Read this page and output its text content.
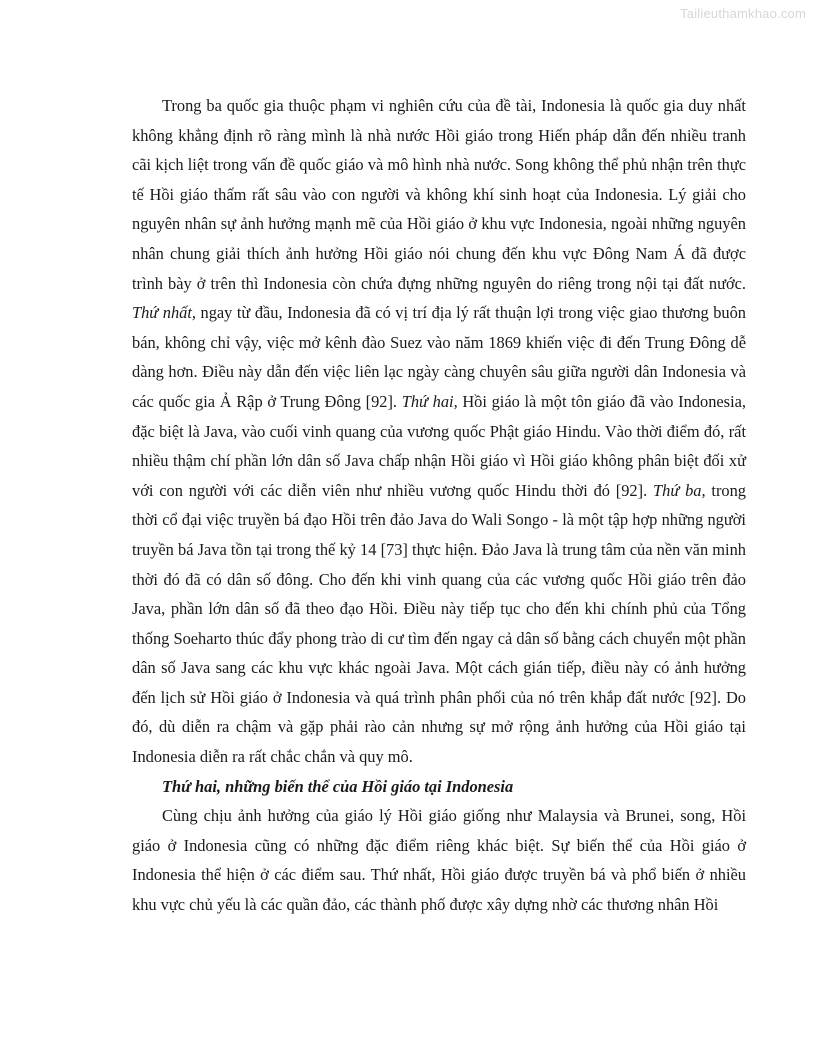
Tailieuthamkhao.com

Trong ba quốc gia thuộc phạm vi nghiên cứu của đề tài, Indonesia là quốc gia duy nhất không khẳng định rõ ràng mình là nhà nước Hồi giáo trong Hiến pháp dẫn đến nhiều tranh cãi kịch liệt trong vấn đề quốc giáo và mô hình nhà nước. Song không thể phủ nhận trên thực tế Hồi giáo thấm rất sâu vào con người và không khí sinh hoạt của Indonesia. Lý giải cho nguyên nhân sự ảnh hưởng mạnh mẽ của Hồi giáo ở khu vực Indonesia, ngoài những nguyên nhân chung giải thích ảnh hưởng Hồi giáo nói chung đến khu vực Đông Nam Á đã được trình bày ở trên thì Indonesia còn chứa đựng những nguyên do riêng trong nội tại đất nước. Thứ nhất, ngay từ đầu, Indonesia đã có vị trí địa lý rất thuận lợi trong việc giao thương buôn bán, không chỉ vậy, việc mở kênh đào Suez vào năm 1869 khiến việc đi đến Trung Đông dễ dàng hơn. Điều này dẫn đến việc liên lạc ngày càng chuyên sâu giữa người dân Indonesia và các quốc gia Ả Rập ở Trung Đông [92]. Thứ hai, Hồi giáo là một tôn giáo đã vào Indonesia, đặc biệt là Java, vào cuối vinh quang của vương quốc Phật giáo Hindu. Vào thời điểm đó, rất nhiều thậm chí phần lớn dân số Java chấp nhận Hồi giáo vì Hồi giáo không phân biệt đối xử với con người với các diễn viên như nhiều vương quốc Hindu thời đó [92]. Thứ ba, trong thời cổ đại việc truyền bá đạo Hồi trên đảo Java do Wali Songo - là một tập hợp những người truyền bá Java tồn tại trong thế kỷ 14 [73] thực hiện. Đảo Java là trung tâm của nền văn minh thời đó đã có dân số đông. Cho đến khi vinh quang của các vương quốc Hồi giáo trên đảo Java, phần lớn dân số đã theo đạo Hồi. Điều này tiếp tục cho đến khi chính phủ của Tổng thống Soeharto thúc đẩy phong trào di cư tìm đến ngay cả dân số bằng cách chuyển một phần dân số Java sang các khu vực khác ngoài Java. Một cách gián tiếp, điều này có ảnh hưởng đến lịch sử Hồi giáo ở Indonesia và quá trình phân phối của nó trên khắp đất nước [92]. Do đó, dù diễn ra chậm và gặp phải rào cản nhưng sự mở rộng ảnh hưởng của Hồi giáo tại Indonesia diễn ra rất chắc chắn và quy mô.

Thứ hai, những biến thể của Hồi giáo tại Indonesia

Cùng chịu ảnh hưởng của giáo lý Hồi giáo giống như Malaysia và Brunei, song, Hồi giáo ở Indonesia cũng có những đặc điểm riêng khác biệt. Sự biến thể của Hồi giáo ở Indonesia thể hiện ở các điểm sau. Thứ nhất, Hồi giáo được truyền bá và phổ biến ở nhiều khu vực chủ yếu là các quần đảo, các thành phố được xây dựng nhờ các thương nhân Hồi
